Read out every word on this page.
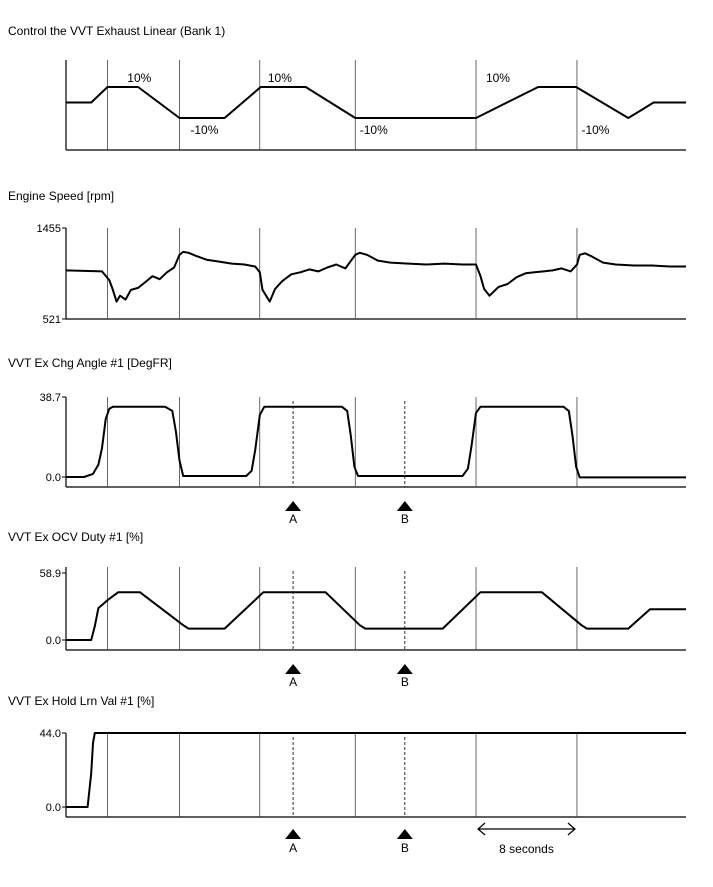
Control the VVT Exhaust Linear (Bank 1)
10%
-10%
10%
-10%
10%
-10%
Engine Speed [rpm]
1455
521
VVT Ex Chg Angle #1 [DegFR]
38.7
0.0
A	B
VVT Ex OCV Duty #1 [%]
58.9
0.0
A	B
VVT Ex Hold Lrn Val #1 [%]
44.0
0.0
A	B	8 seconds
